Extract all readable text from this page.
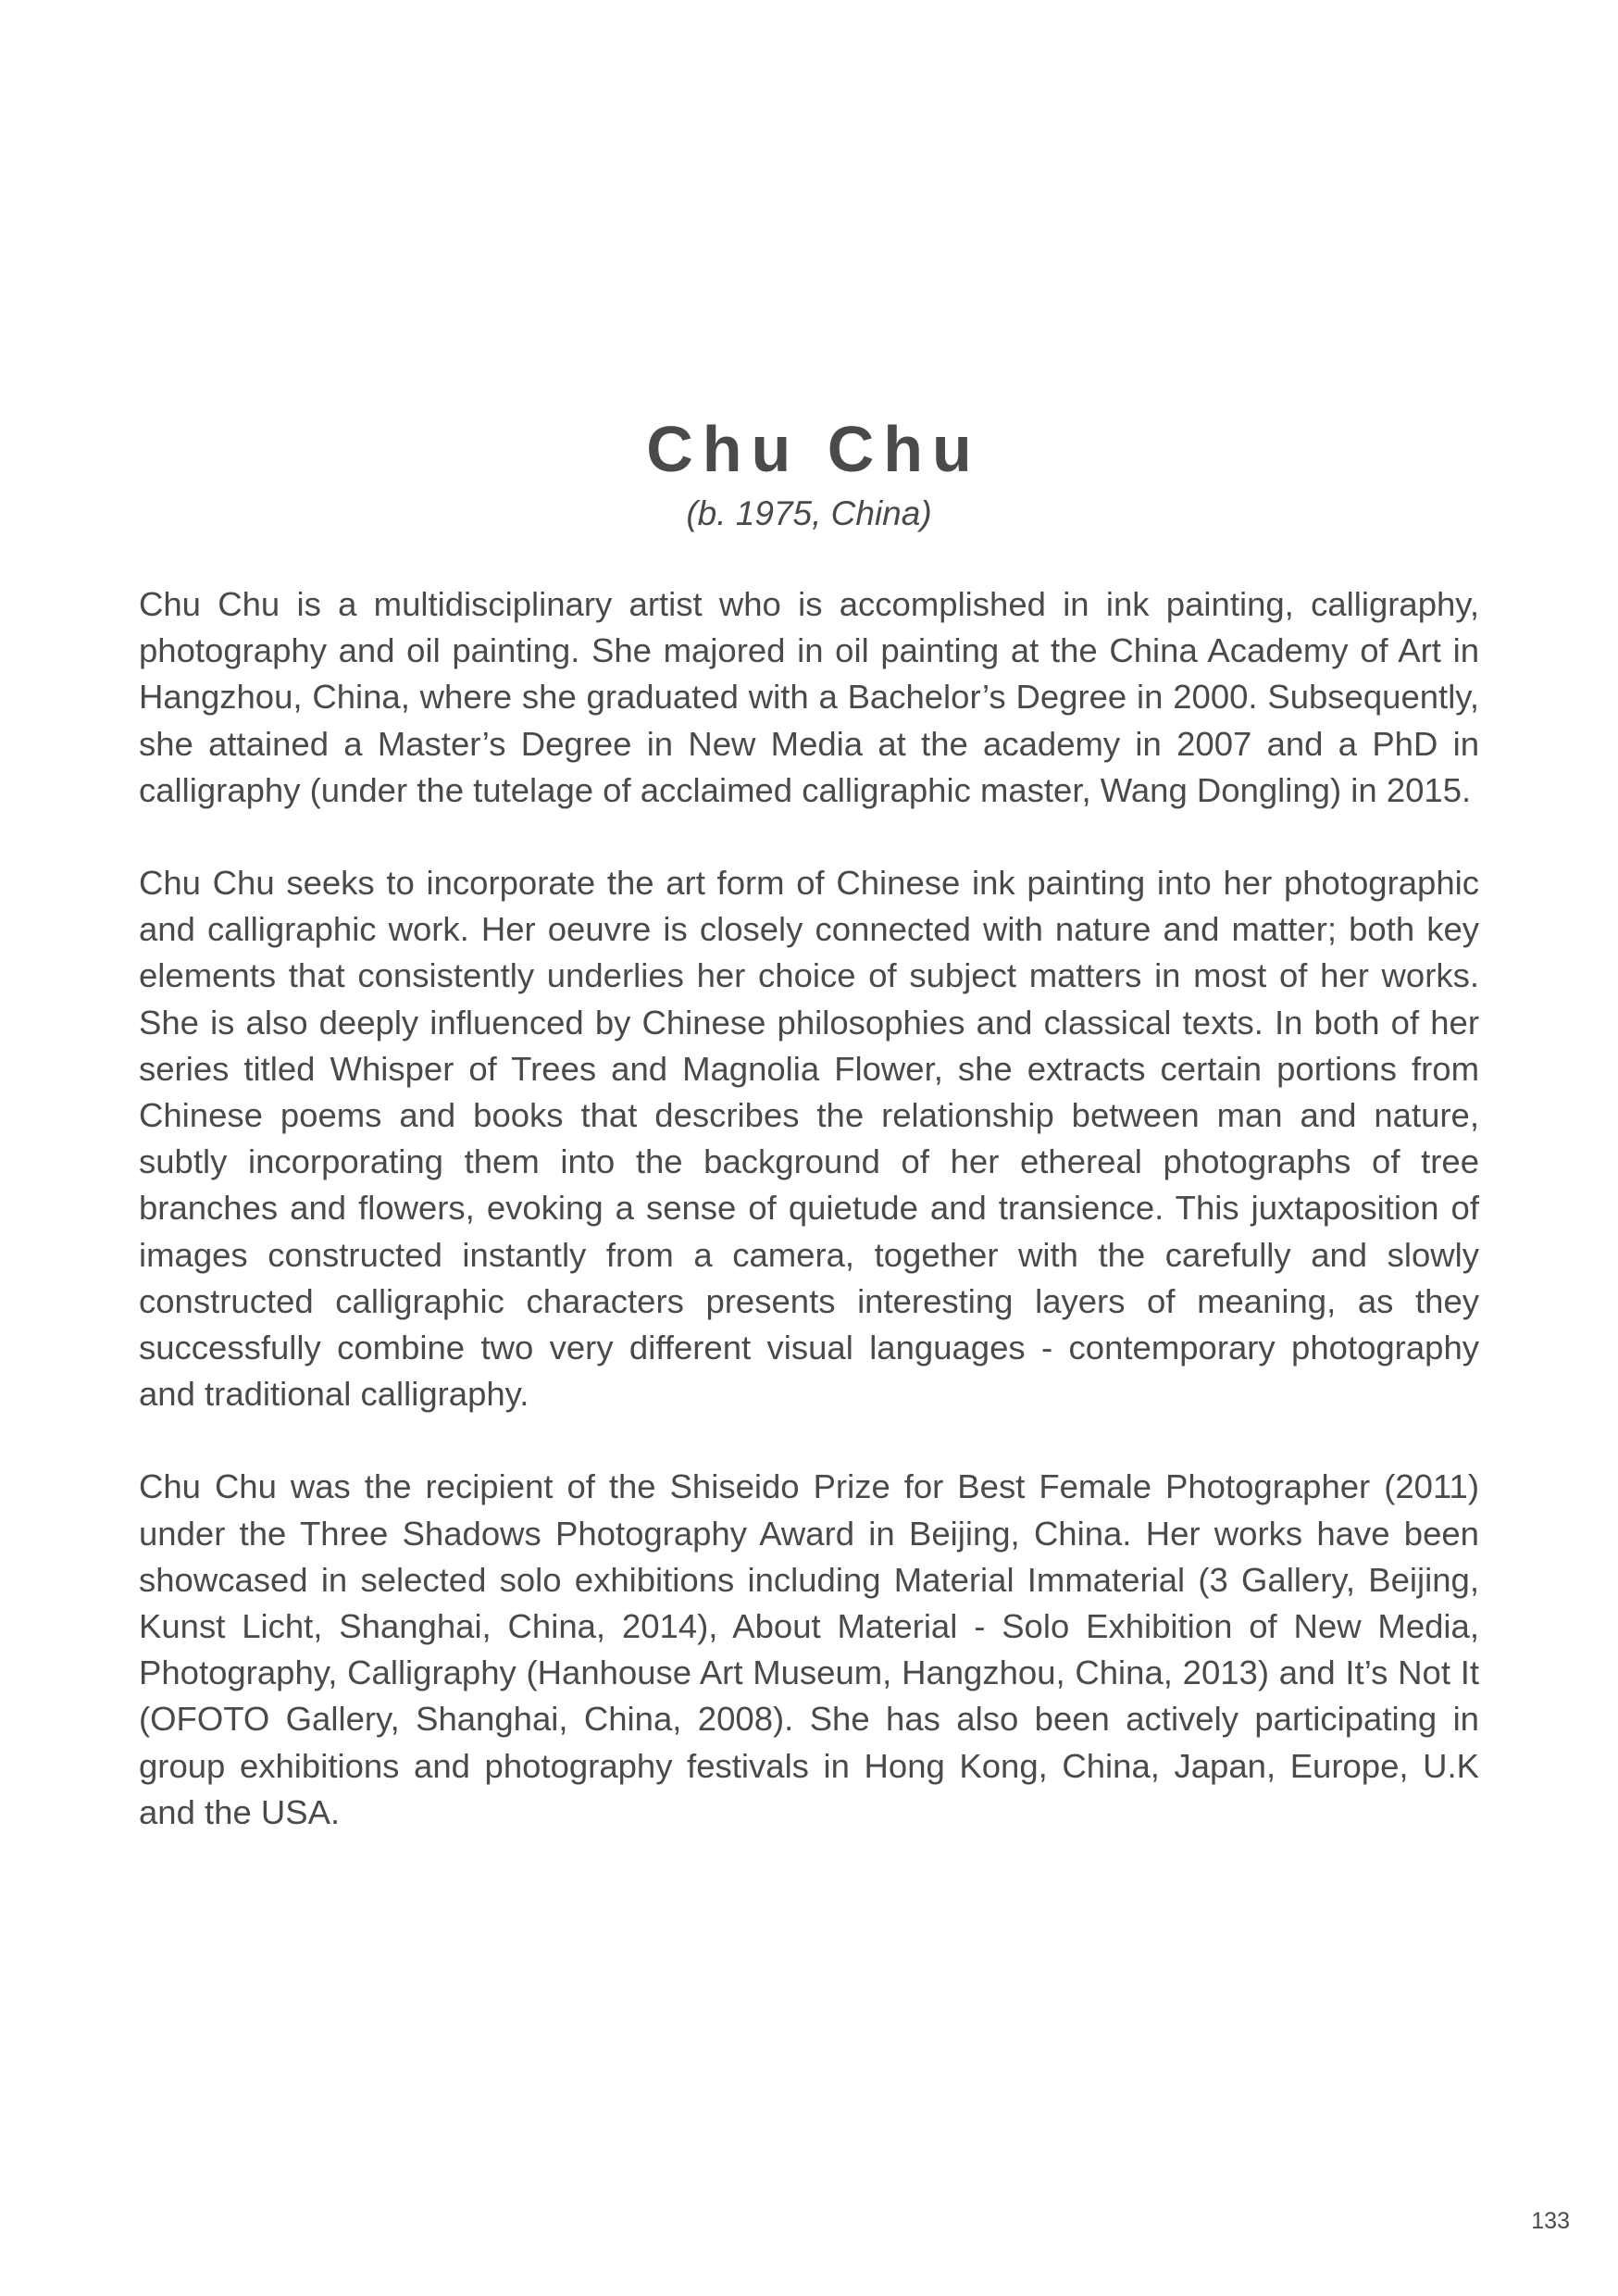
Chu Chu

(b. 1975, China)

Chu Chu is a multidisciplinary artist who is accomplished in ink painting, calligraphy, photography and oil painting. She majored in oil painting at the China Academy of Art in Hangzhou, China, where she graduated with a Bachelor’s Degree in 2000. Subsequently, she attained a Master’s Degree in New Media at the academy in 2007 and a PhD in calligraphy (under the tutelage of acclaimed calligraphic master, Wang Dongling) in 2015.

Chu Chu seeks to incorporate the art form of Chinese ink painting into her photographic and calligraphic work. Her oeuvre is closely connected with nature and matter; both key elements that consistently underlies her choice of subject matters in most of her works. She is also deeply influenced by Chinese philosophies and classical texts. In both of her series titled Whisper of Trees and Magnolia Flower, she extracts certain portions from Chinese poems and books that describes the relationship between man and nature, subtly incorporating them into the background of her ethereal photographs of tree branches and flowers, evoking a sense of quietude and transience. This juxtaposition of images constructed instantly from a camera, together with the carefully and slowly constructed calligraphic characters presents interesting layers of meaning, as they successfully combine two very different visual languages - contemporary photography and traditional calligraphy.

Chu Chu was the recipient of the Shiseido Prize for Best Female Photographer (2011) under the Three Shadows Photography Award in Beijing, China. Her works have been showcased in selected solo exhibitions including Material Immaterial (3 Gallery, Beijing, Kunst Licht, Shanghai, China, 2014), About Material - Solo Exhibition of New Media, Photography, Calligraphy (Hanhouse Art Museum, Hangzhou, China, 2013) and It’s Not It (OFOTO Gallery, Shanghai, China, 2008). She has also been actively participating in group exhibitions and photography festivals in Hong Kong, China, Japan, Europe, U.K and the USA.

133
